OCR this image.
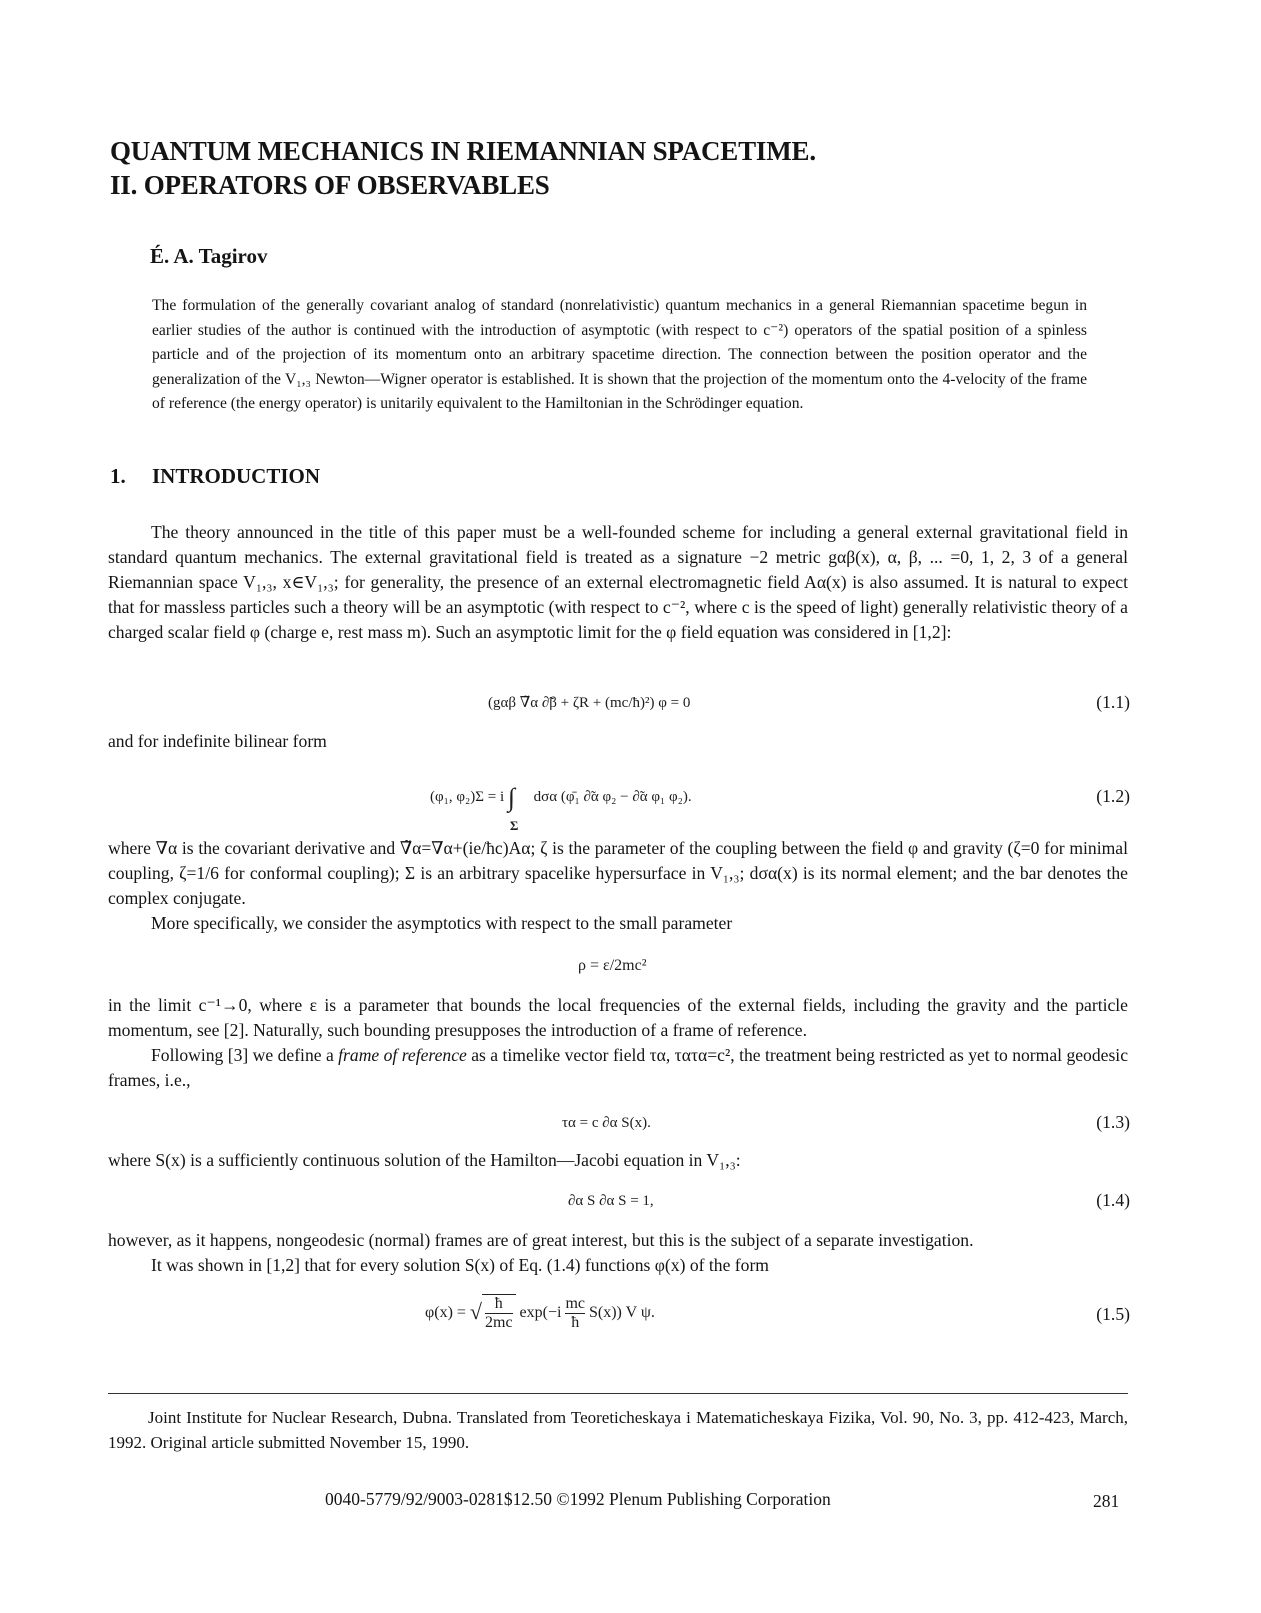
QUANTUM MECHANICS IN RIEMANNIAN SPACETIME.
II. OPERATORS OF OBSERVABLES
É. A. Tagirov
The formulation of the generally covariant analog of standard (nonrelativistic) quantum mechanics in a general Riemannian spacetime begun in earlier studies of the author is continued with the introduction of asymptotic (with respect to c⁻²) operators of the spatial position of a spinless particle and of the projection of its momentum onto an arbitrary spacetime direction. The connection between the position operator and the generalization of the V₁,₃ Newton—Wigner operator is established. It is shown that the projection of the momentum onto the 4-velocity of the frame of reference (the energy operator) is unitarily equivalent to the Hamiltonian in the Schrödinger equation.
1. INTRODUCTION
The theory announced in the title of this paper must be a well-founded scheme for including a general external gravitational field in standard quantum mechanics. The external gravitational field is treated as a signature −2 metric gαβ(x), α, β, ... =0, 1, 2, 3 of a general Riemannian space V₁,₃, x∈V₁,₃; for generality, the presence of an external electromagnetic field Aα(x) is also assumed. It is natural to expect that for massless particles such a theory will be an asymptotic (with respect to c⁻², where c is the speed of light) generally relativistic theory of a charged scalar field φ (charge e, rest mass m). Such an asymptotic limit for the φ field equation was considered in [1,2]:
(gαβ ∇̃α ∂̃β + ζR + (mc/ħ)²) φ = 0	(1.1)
and for indefinite bilinear form
(φ₁, φ₂)Σ = i ∫
Σ
dσα (φ̄₁ ∂̃α φ₂ − ∂̃α φ₁ φ₂).	(1.2)
where ∇α is the covariant derivative and ∇̃α=∇α+(ie/ħc)Aα; ζ is the parameter of the coupling between the field φ and gravity (ζ=0 for minimal coupling, ζ=1/6 for conformal coupling); Σ is an arbitrary spacelike hypersurface in V₁,₃; dσα(x) is its normal element; and the bar denotes the complex conjugate.
More specifically, we consider the asymptotics with respect to the small parameter
ρ = ε/2mc²
in the limit c⁻¹→0, where ε is a parameter that bounds the local frequencies of the external fields, including the gravity and the particle momentum, see [2]. Naturally, such bounding presupposes the introduction of a frame of reference.
Following [3] we define a frame of reference as a timelike vector field τα, τατα=c², the treatment being restricted as yet to normal geodesic frames, i.e.,
τα = c ∂α S(x).	(1.3)
where S(x) is a sufficiently continuous solution of the Hamilton—Jacobi equation in V₁,₃:
∂α S ∂α S = 1,	(1.4)
however, as it happens, nongeodesic (normal) frames are of great interest, but this is the subject of a separate investigation.
It was shown in [1,2] that for every solution S(x) of Eq. (1.4) functions φ(x) of the form
φ(x) = √ $\frac{ħ}{2mc} \exp(-i \frac{mc}{ħ} S(x))$ V ψ.	(1.5)
Joint Institute for Nuclear Research, Dubna. Translated from Teoreticheskaya i Matematicheskaya Fizika, Vol. 90, No. 3, pp. 412-423, March, 1992. Original article submitted November 15, 1990.
0040-5779/92/9003-0281$12.50 ©1992 Plenum Publishing Corporation	281
